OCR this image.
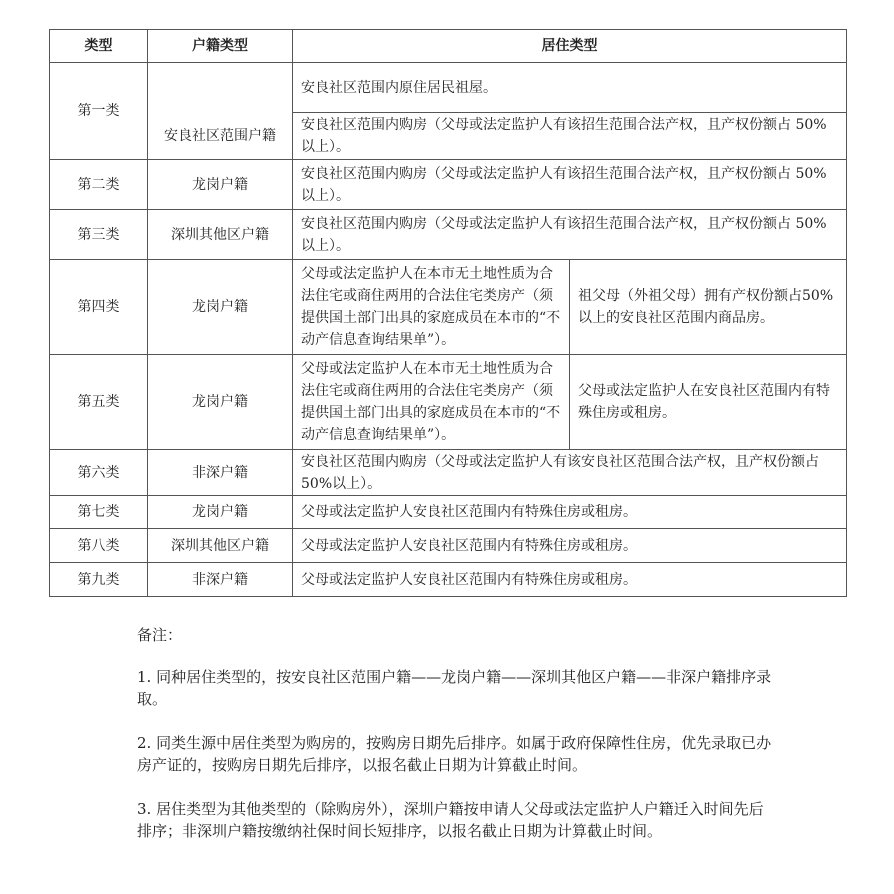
类型	户籍类型	居住类型	
第一类	安良社区范围户籍	安良社区范围内原住居民祖屋。	
		安良社区范围内购房（父母或法定监护人有该招生范围合法产权，且产权份额占 50%以上）。	
第二类	龙岗户籍	安良社区范围内购房（父母或法定监护人有该招生范围合法产权，且产权份额占 50%以上）。	
第三类	深圳其他区户籍	安良社区范围内购房（父母或法定监护人有该招生范围合法产权，且产权份额占 50%以上）。	
第四类	龙岗户籍	父母或法定监护人在本市无土地性质为合法住宅或商住两用的合法住宅类房产（须提供国土部门出具的家庭成员在本市的“不动产信息查询结果单”）。	祖父母（外祖父母）拥有产权份额占50%以上的安良社区范围内商品房。
第五类	龙岗户籍	父母或法定监护人在本市无土地性质为合法住宅或商住两用的合法住宅类房产（须提供国土部门出具的家庭成员在本市的“不动产信息查询结果单”）。	父母或法定监护人在安良社区范围内有特殊住房或租房。
第六类	非深户籍	安良社区范围内购房（父母或法定监护人有该安良社区范围合法产权，且产权份额占 50%以上）。	
第七类	龙岗户籍	父母或法定监护人安良社区范围内有特殊住房或租房。	
第八类	深圳其他区户籍	父母或法定监护人安良社区范围内有特殊住房或租房。	
第九类	非深户籍	父母或法定监护人安良社区范围内有特殊住房或租房。	

备注：

1. 同种居住类型的，按安良社区范围户籍——龙岗户籍——深圳其他区户籍——非深户籍排序录取。

2. 同类生源中居住类型为购房的，按购房日期先后排序。如属于政府保障性住房，优先录取已办房产证的，按购房日期先后排序，以报名截止日期为计算截止时间。

3. 居住类型为其他类型的（除购房外），深圳户籍按申请人父母或法定监护人户籍迁入时间先后排序；非深圳户籍按缴纳社保时间长短排序，以报名截止日期为计算截止时间。
